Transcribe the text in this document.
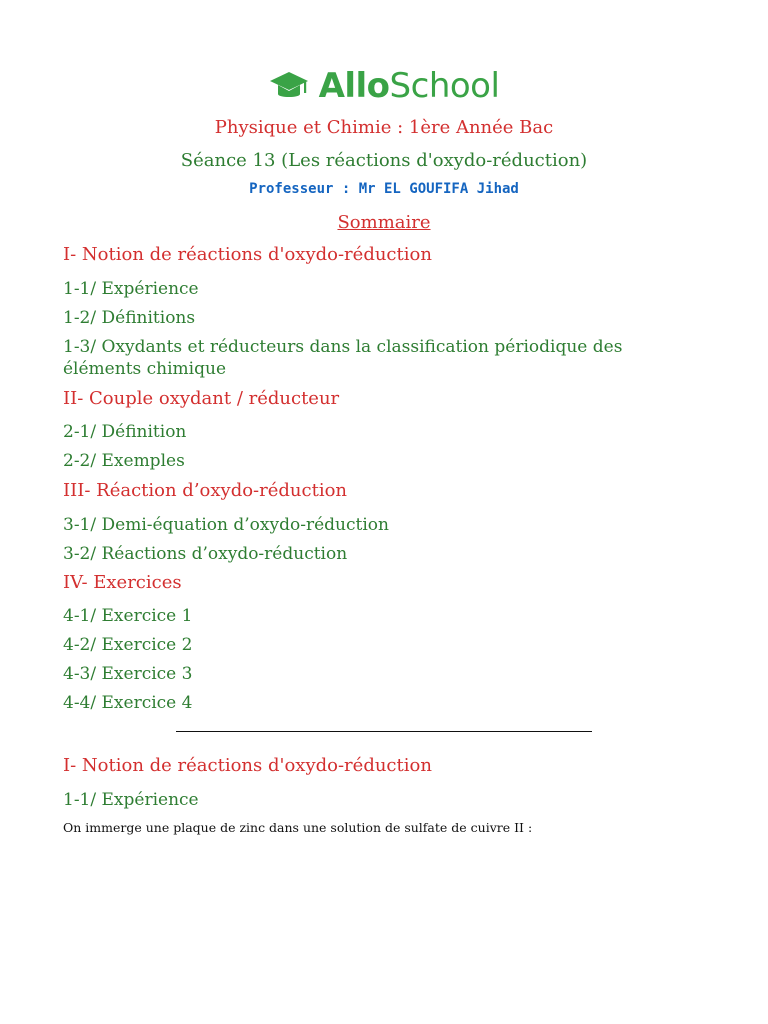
AlloSchool
Physique et Chimie : 1ère Année Bac
Séance 13 (Les réactions d'oxydo-réduction)
Professeur : Mr EL GOUFIFA Jihad
Sommaire
I- Notion de réactions d'oxydo-réduction
1-1/ Expérience
1-2/ Définitions
1-3/ Oxydants et réducteurs dans la classification périodique des éléments chimique
II- Couple oxydant / réducteur
2-1/ Définition
2-2/ Exemples
III- Réaction d’oxydo-réduction
3-1/ Demi-équation d’oxydo-réduction
3-2/ Réactions d’oxydo-réduction
IV- Exercices
4-1/ Exercice 1
4-2/ Exercice 2
4-3/ Exercice 3
4-4/ Exercice 4
I- Notion de réactions d'oxydo-réduction
1-1/ Expérience
On immerge une plaque de zinc dans une solution de sulfate de cuivre II :
